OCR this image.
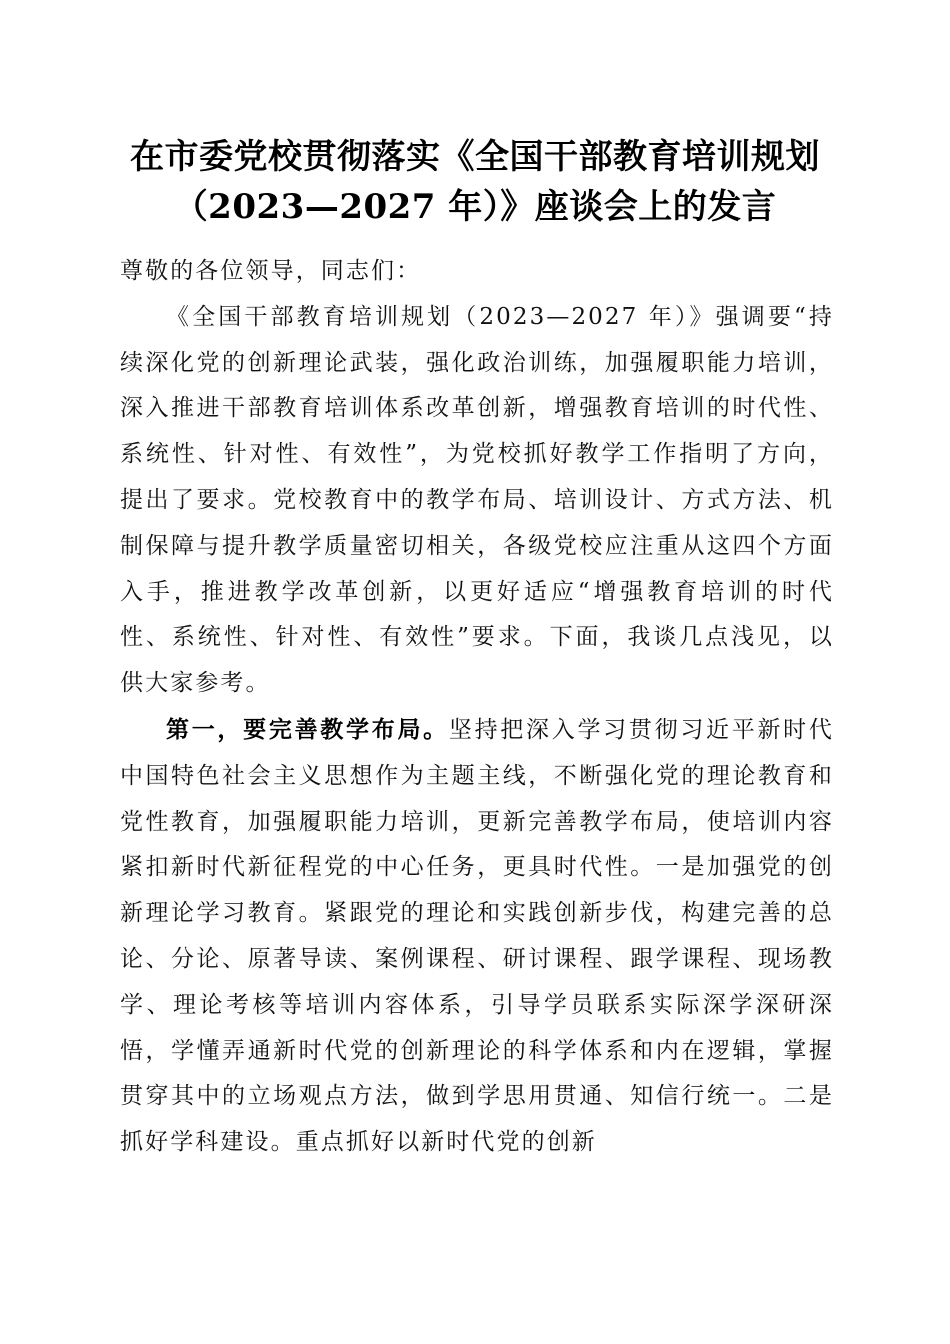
在市委党校贯彻落实《全国干部教育培训规划
（2023—2027 年）》座谈会上的发言

尊敬的各位领导，同志们：

《全国干部教育培训规划（2023—2027 年）》强调要“持续深化党的创新理论武装，强化政治训练，加强履职能力培训，深入推进干部教育培训体系改革创新，增强教育培训的时代性、系统性、针对性、有效性”，为党校抓好教学工作指明了方向，提出了要求。党校教育中的教学布局、培训设计、方式方法、机制保障与提升教学质量密切相关，各级党校应注重从这四个方面入手，推进教学改革创新，以更好适应“增强教育培训的时代性、系统性、针对性、有效性”要求。下面，我谈几点浅见，以供大家参考。

第一，要完善教学布局。坚持把深入学习贯彻习近平新时代中国特色社会主义思想作为主题主线，不断强化党的理论教育和党性教育，加强履职能力培训，更新完善教学布局，使培训内容紧扣新时代新征程党的中心任务，更具时代性。一是加强党的创新理论学习教育。紧跟党的理论和实践创新步伐，构建完善的总论、分论、原著导读、案例课程、研讨课程、跟学课程、现场教学、理论考核等培训内容体系，引导学员联系实际深学深研深悟，学懂弄通新时代党的创新理论的科学体系和内在逻辑，掌握贯穿其中的立场观点方法，做到学思用贯通、知信行统一。二是抓好学科建设。重点抓好以新时代党的创新
